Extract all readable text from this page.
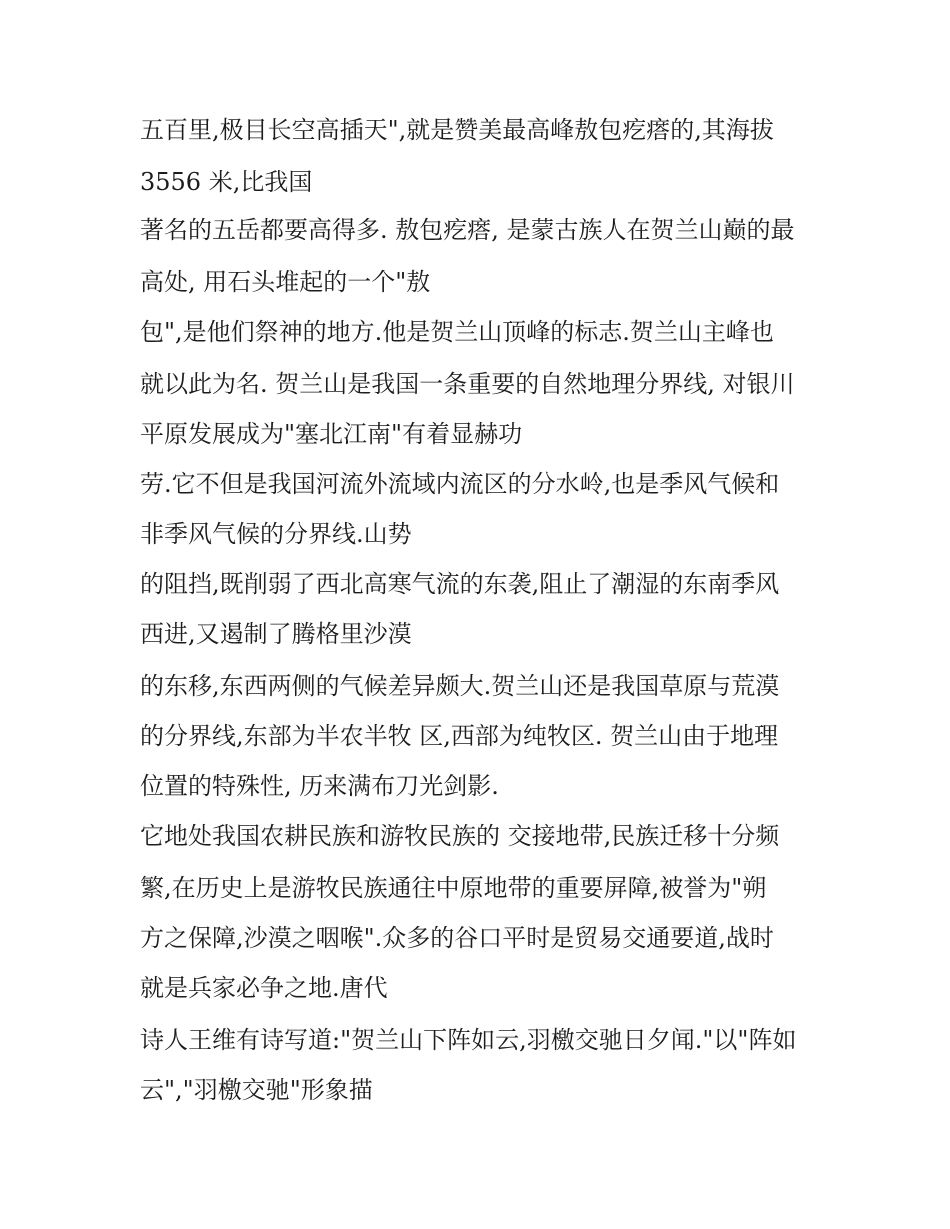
五百里,极目长空高插天",就是赞美最高峰敖包疙瘩的,其海拔
3556 米,比我国
著名的五岳都要高得多. 敖包疙瘩, 是蒙古族人在贺兰山巅的最
高处, 用石头堆起的一个"敖
包",是他们祭神的地方.他是贺兰山顶峰的标志.贺兰山主峰也
就以此为名. 贺兰山是我国一条重要的自然地理分界线, 对银川
平原发展成为"塞北江南"有着显赫功
劳.它不但是我国河流外流域内流区的分水岭,也是季风气候和
非季风气候的分界线.山势
的阻挡,既削弱了西北高寒气流的东袭,阻止了潮湿的东南季风
西进,又遏制了腾格里沙漠
的东移,东西两侧的气候差异颇大.贺兰山还是我国草原与荒漠
的分界线,东部为半农半牧 区,西部为纯牧区. 贺兰山由于地理
位置的特殊性, 历来满布刀光剑影.
它地处我国农耕民族和游牧民族的 交接地带,民族迁移十分频
繁,在历史上是游牧民族通往中原地带的重要屏障,被誉为"朔
方之保障,沙漠之咽喉".众多的谷口平时是贸易交通要道,战时
就是兵家必争之地.唐代
诗人王维有诗写道:"贺兰山下阵如云,羽檄交驰日夕闻."以"阵如
云","羽檄交驰"形象描
